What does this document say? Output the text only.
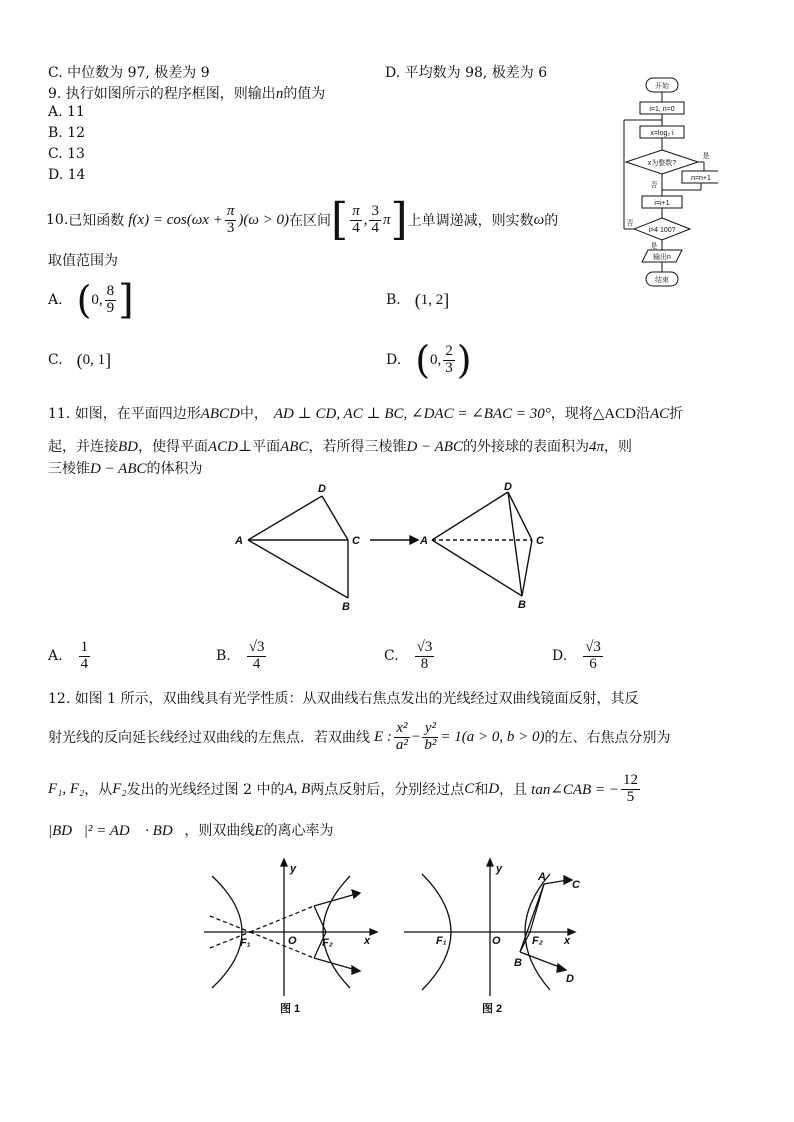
C. 中位数为 97, 极差为 9	D. 平均数为 98, 极差为 6
9. 执行如图所示的程序框图，则输出n的值为
A. 11
B. 12
C. 13
D. 14
开始
i=1, n=0
x=log₂ i
x为整数?
是
n=n+1
否
i=i+1
i>4 100?
否
是
输出n
结束
10. 已知函数 $f(x) = \cos(\omega x + \frac{\pi}{3} )(\omega > 0)$ 在区间 [ $\frac{\pi}{4}$ , $\frac{3}{4}$ π ] 上单调递减，则实数 ω 的
取值范围为
A. ( 0, $\frac{8}{9}$ ]	B. ( 1, 2 ]
C. ( 0, 1 ]	D. ( 0, $\frac{2}{3}$ )
11. 如图，在平面四边形ABCD中， AD ⊥ CD, AC ⊥ BC, ∠DAC = ∠BAC = 30°，现将△ACD沿AC折
起，并连接BD，使得平面ACD⊥平面ABC，若所得三棱锥D − ABC的外接球的表面积为4π，则
三棱锥D − ABC的体积为
A
D
C
B
A
D
C
B
A. $\frac{1}{4}$	B. $\frac{√3}{4}$	C. $\frac{√3}{8}$	D. $\frac{√3}{6}$
12. 如图 1 所示，双曲线具有光学性质：从双曲线右焦点发出的光线经过双曲线镜面反射，其反
射光线的反向延长线经过双曲线的左焦点．若双曲线 E : $\frac{\text{x²}}{\text{a²}} - \frac{\text{y²}}{\text{b²}} = 1(a > 0$, b > 0) 的左、右焦点分别为
F₁, F₂ ，从 F₂ 发出的光线经过图 2 中的 A, B 两点反射后，分别经过点 C 和 D ，且 tan∠CAB = − $\frac{12}{5}$
|BD⃗|² = AD⃗ · BD⃗，则双曲线E的离心率为
y
x
O
F₁	F₂
图 1
y
x
O
F₁	F₂
A
C
B
D
图 2
